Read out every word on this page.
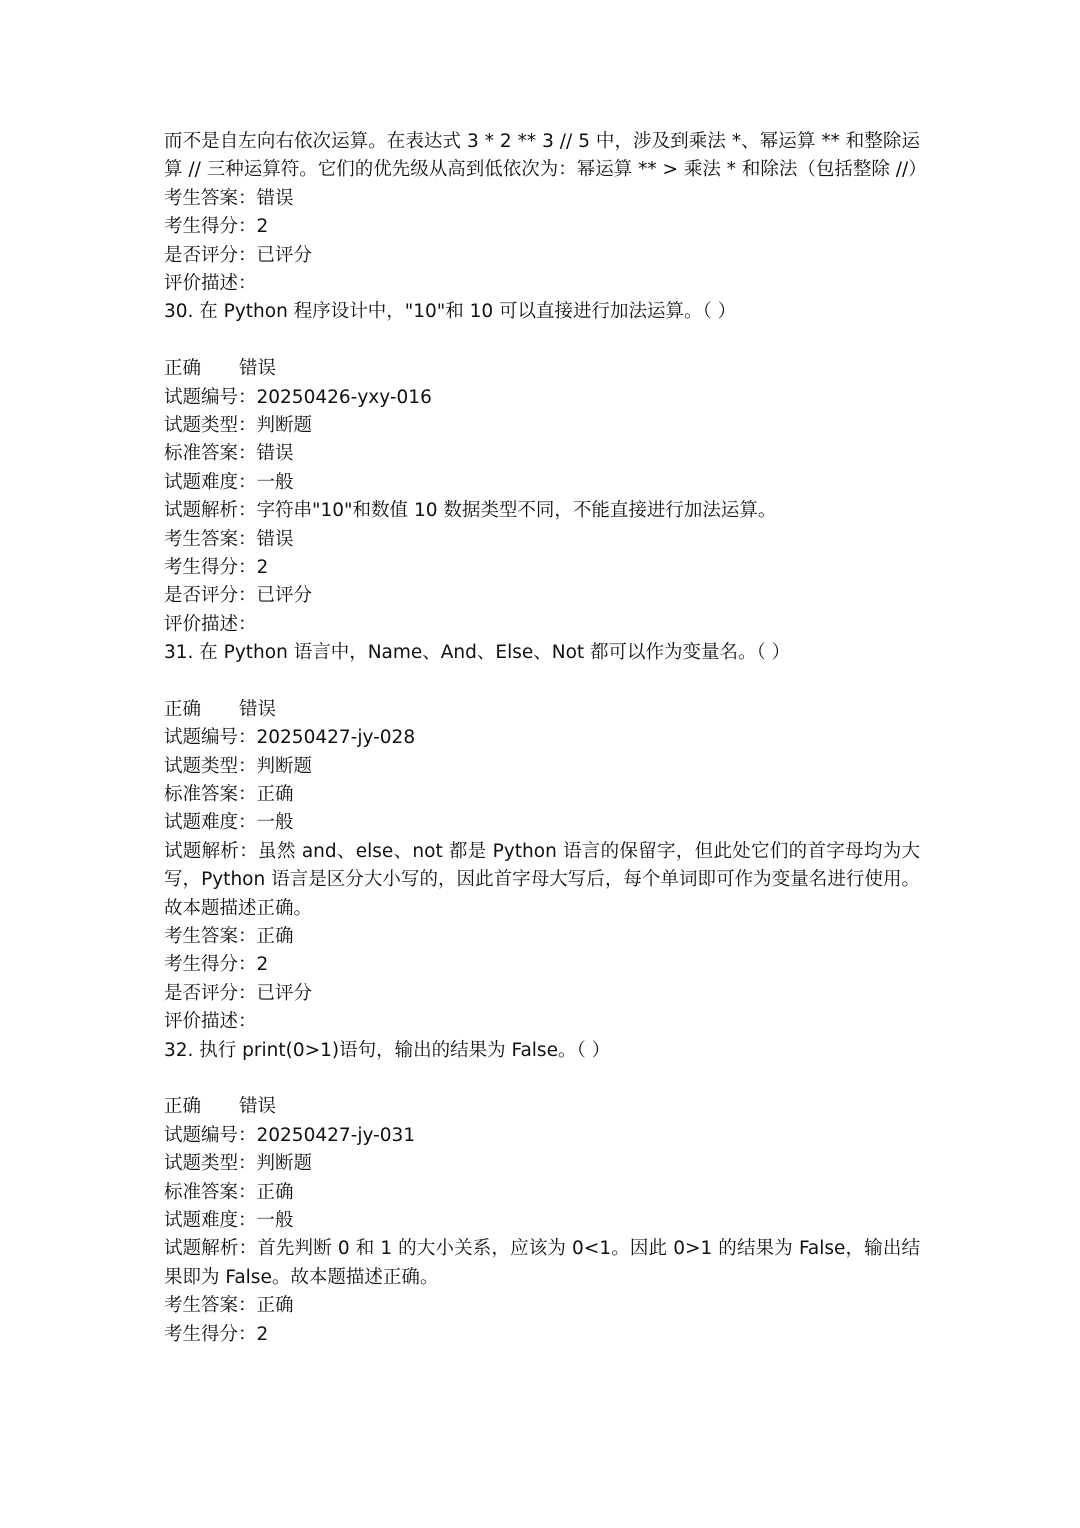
而不是自左向右依次运算。在表达式 3 * 2 ** 3 // 5 中，涉及到乘法 *、幂运算 ** 和整除运算 // 三种运算符。它们的优先级从高到低依次为：幂运算 ** > 乘法 * 和除法（包括整除 //）
考生答案：错误
考生得分：2
是否评分：已评分
评价描述：
30. 在 Python 程序设计中，"10"和 10 可以直接进行加法运算。（ ）
正确 错误
试题编号：20250426-yxy-016
试题类型：判断题
标准答案：错误
试题难度：一般
试题解析：字符串"10"和数值 10 数据类型不同，不能直接进行加法运算。
考生答案：错误
考生得分：2
是否评分：已评分
评价描述：
31. 在 Python 语言中，Name、And、Else、Not 都可以作为变量名。（ ）
正确 错误
试题编号：20250427-jy-028
试题类型：判断题
标准答案：正确
试题难度：一般
试题解析：虽然 and、else、not 都是 Python 语言的保留字，但此处它们的首字母均为大写，Python 语言是区分大小写的，因此首字母大写后，每个单词即可作为变量名进行使用。故本题描述正确。
考生答案：正确
考生得分：2
是否评分：已评分
评价描述：
32. 执行 print(0>1)语句，输出的结果为 False。（ ）
正确 错误
试题编号：20250427-jy-031
试题类型：判断题
标准答案：正确
试题难度：一般
试题解析：首先判断 0 和 1 的大小关系，应该为 0<1。因此 0>1 的结果为 False，输出结果即为 False。故本题描述正确。
考生答案：正确
考生得分：2
